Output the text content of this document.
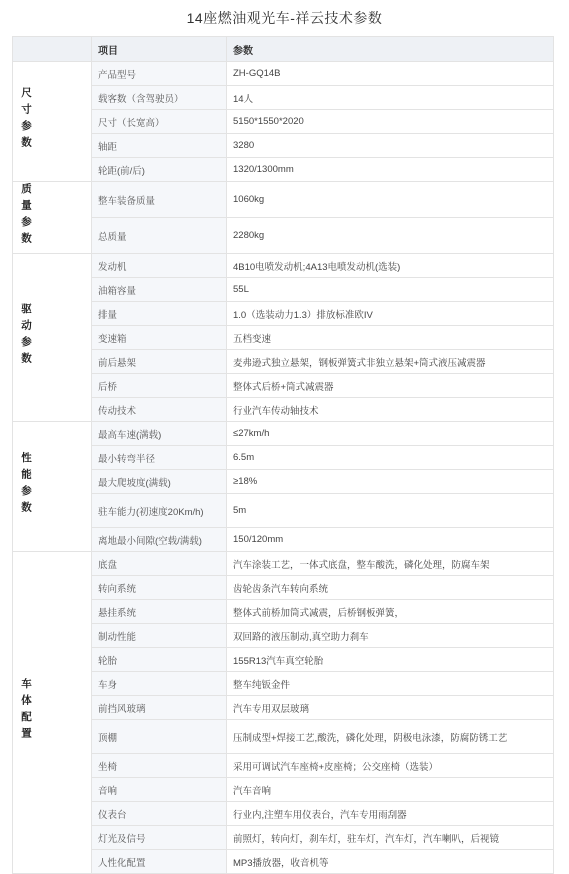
14座燃油观光车-祥云技术参数
	项目	参数
尺寸参数	产品型号	ZH-GQ14B
	载客数（含驾驶员）	14人
	尺寸（长宽高）	5150*1550*2020
	轴距	3280
	轮距(前/后)	1320/1300mm
质量参数	整车装备质量	1060kg
	总质量	2280kg
驱动参数	发动机	4B10电喷发动机;4A13电喷发动机(选装)
	油箱容量	55L
	排量	1.0（选装动力1.3）排放标准欧IV
	变速箱	五档变速
	前后悬架	麦弗逊式独立悬架，钢板弹簧式非独立悬架+筒式液压减震器
	后桥	整体式后桥+筒式减震器
	传动技术	行业汽车传动轴技术
性能参数	最高车速(满载)	≤27km/h
	最小转弯半径	6.5m
	最大爬坡度(满载)	≥18%
	驻车能力(初速度20Km/h)	5m
	离地最小间隙(空载/满载)	150/120mm
车体配置	底盘	汽车涂装工艺，一体式底盘，整车酸洗，磷化处理，防腐车架
	转向系统	齿轮齿条汽车转向系统
	悬挂系统	整体式前桥加筒式减震，后桥钢板弹簧，
	制动性能	双回路的液压制动,真空助力刹车
	轮胎	155R13汽车真空轮胎
	车身	整车纯钣金件
	前挡风玻璃	汽车专用双层玻璃
	顶棚	压制成型+焊接工艺,酸洗，磷化处理，阴极电泳漆，防腐防锈工艺
	坐椅	采用可调试汽车座椅+皮座椅；公交座椅（选装）
	音响	汽车音响
	仪表台	行业内,注塑车用仪表台，汽车专用雨刮器
	灯光及信号	前照灯，转向灯，刹车灯，驻车灯，汽车灯，汽车喇叭，后视镜
	人性化配置	MP3播放器，收音机等
